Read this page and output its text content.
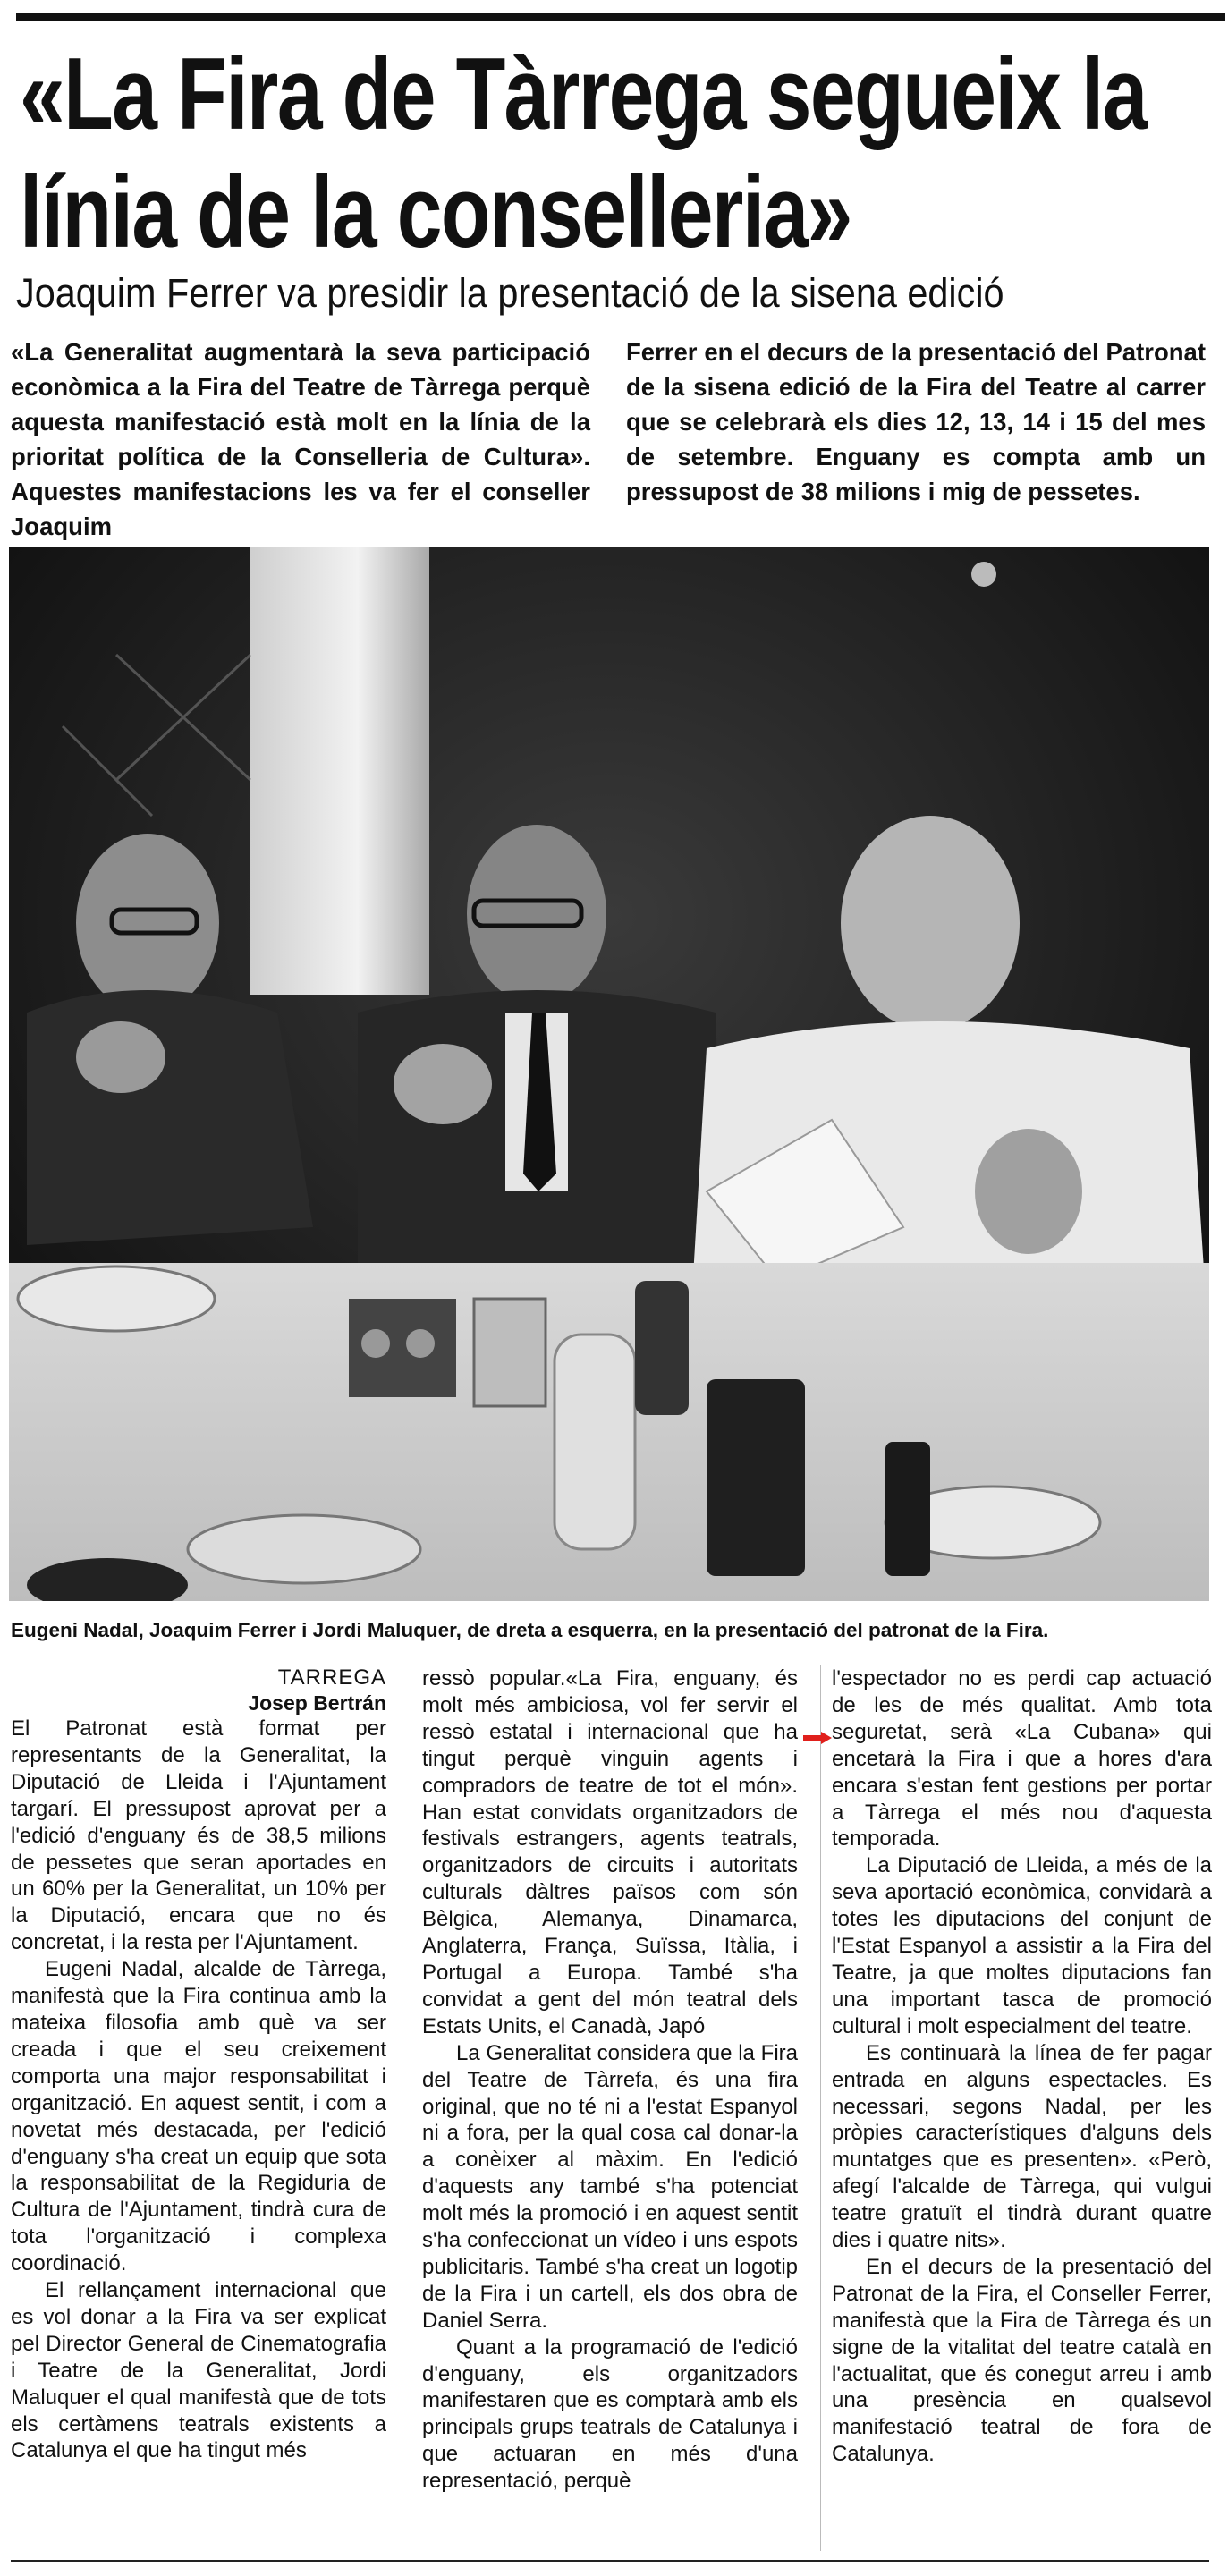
«La Fira de Tàrrega segueix la
línia de la conselleria»
Joaquim Ferrer va presidir la presentació de la sisena edició
«La Generalitat augmentarà la seva participació econòmica a la Fira del Teatre de Tàrrega perquè aquesta manifestació està molt en la línia de la prioritat política de la Conselleria de Cultura». Aquestes manifestacions les va fer el conseller Joaquim
Ferrer en el decurs de la presentació del Patronat de la sisena edició de la Fira del Teatre al carrer que se celebrarà els dies 12, 13, 14 i 15 del mes de setembre. Enguany es compta amb un pressupost de 38 milions i mig de pessetes.
Eugeni Nadal, Joaquim Ferrer i Jordi Maluquer, de dreta a esquerra, en la presentació del patronat de la Fira.
TARREGA
Josep Bertrán

El Patronat està format per representants de la Generalitat, la Diputació de Lleida i l'Ajuntament targarí. El pressupost aprovat per a l'edició d'enguany és de 38,5 milions de pessetes que seran aportades en un 60% per la Generalitat, un 10% per la Diputació, encara que no és concretat, i la resta per l'Ajuntament.

Eugeni Nadal, alcalde de Tàrrega, manifestà que la Fira continua amb la mateixa filosofia amb què va ser creada i que el seu creixement comporta una major responsabilitat i organització. En aquest sentit, i com a novetat més destacada, per l'edició d'enguany s'ha creat un equip que sota la responsabilitat de la Regiduria de Cultura de l'Ajuntament, tindrà cura de tota l'organització i complexa coordinació.

El rellançament internacional que es vol donar a la Fira va ser explicat pel Director General de Cinematografia i Teatre de la Generalitat, Jordi Maluquer el qual manifestà que de tots els certàmens teatrals existents a Catalunya el que ha tingut més

ressò popular.«La Fira, enguany, és molt més ambiciosa, vol fer servir el ressò estatal i internacional que ha tingut perquè vinguin agents i compradors de teatre de tot el món». Han estat convidats organitzadors de festivals estrangers, agents teatrals, organitzadors de circuits i autoritats culturals dàltres països com són Bèlgica, Alemanya, Dinamarca, Anglaterra, França, Suïssa, Itàlia, i Portugal a Europa. També s'ha convidat a gent del món teatral dels Estats Units, el Canadà, Japó

La Generalitat considera que la Fira del Teatre de Tàrrefa, és una fira original, que no té ni a l'estat Espanyol ni a fora, per la qual cosa cal donar-la a conèixer al màxim. En l'edició d'aquests any també s'ha potenciat molt més la promoció i en aquest sentit s'ha confeccionat un vídeo i uns espots publicitaris. També s'ha creat un logotip de la Fira i un cartell, els dos obra de Daniel Serra.

Quant a la programació de l'edició d'enguany, els organitzadors manifestaren que es comptarà amb els principals grups teatrals de Catalunya i que actuaran en més d'una representació, perquè

l'espectador no es perdi cap actuació de les de més qualitat. Amb tota seguretat, serà «La Cubana» qui encetarà la Fira i que a hores d'ara encara s'estan fent gestions per portar a Tàrrega el més nou d'aquesta temporada.

La Diputació de Lleida, a més de la seva aportació econòmica, convidarà a totes les diputacions del conjunt de l'Estat Espanyol a assistir a la Fira del Teatre, ja que moltes diputacions fan una important tasca de promoció cultural i molt especialment del teatre.

Es continuarà la línea de fer pagar entrada en alguns espectacles. Es necessari, segons Nadal, per les pròpies característiques d'alguns dels muntatges que es presenten». «Però, afegí l'alcalde de Tàrrega, qui vulgui teatre gratuït el tindrà durant quatre dies i quatre nits».

En el decurs de la presentació del Patronat de la Fira, el Conseller Ferrer, manifestà que la Fira de Tàrrega és un signe de la vitalitat del teatre català en l'actualitat, que és conegut arreu i amb una presència en qualsevol manifestació teatral de fora de Catalunya.
